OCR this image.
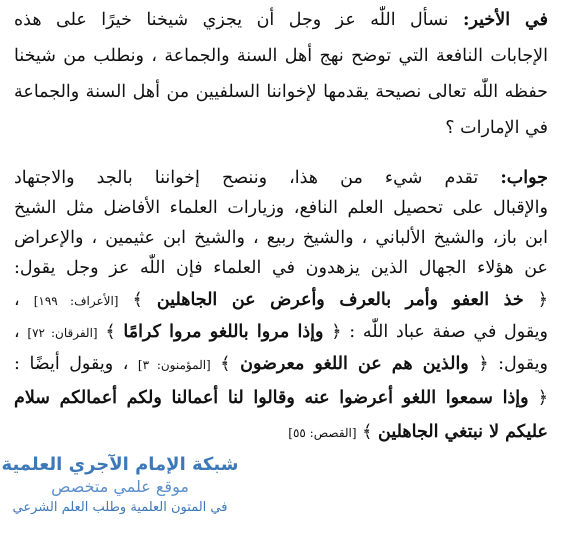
في الأخير: نسأل اللّٰه عز وجل أن يجزي شيخنا خيرًا على هذه
الإجابات النافعة التي توضح نهج أهل السنة والجماعة ، ونطلب من شيخنا
حفظه اللّٰه تعالى نصيحة يقدمها لإخواننا السلفيين من أهل السنة والجماعة
في الإمارات ؟
جواب: تقدم شيء من هذا، وننصح إخواننا بالجد والاجتهاد
والإقبال على تحصيل العلم النافع، وزيارات العلماء الأفاضل مثل الشيخ
ابن باز، والشيخ الألباني ، والشيخ ربيع ، والشيخ ابن عثيمين ، والإعراض
عن هؤلاء الجهال الذين يزهدون في العلماء فإن اللّٰه عز وجل يقول:
﴿ خذ العفو وأمر بالعرف وأعرض عن الجاهلين ﴾ [الأعراف: ١٩٩] ،
ويقول في صفة عباد اللّٰه : ﴿ وإذا مروا باللغو مروا كرامًا ﴾ [الفرقان: ٧٢] ،
ويقول: ﴿ والذين هم عن اللغو معرضون ﴾ [المؤمنون: ٣] ، ويقول أيضًا :
﴿ وإذا سمعوا اللغو أعرضوا عنه وقالوا لنا أعمالنا ولكم أعمالكم سلام
عليكم لا نبتغي الجاهلين ﴾ [القصص: ٥٥]
شبكة الإمام الآجري العلمية
موقع علمي متخصص
في المتون العلمية وطلب العلم الشرعي
